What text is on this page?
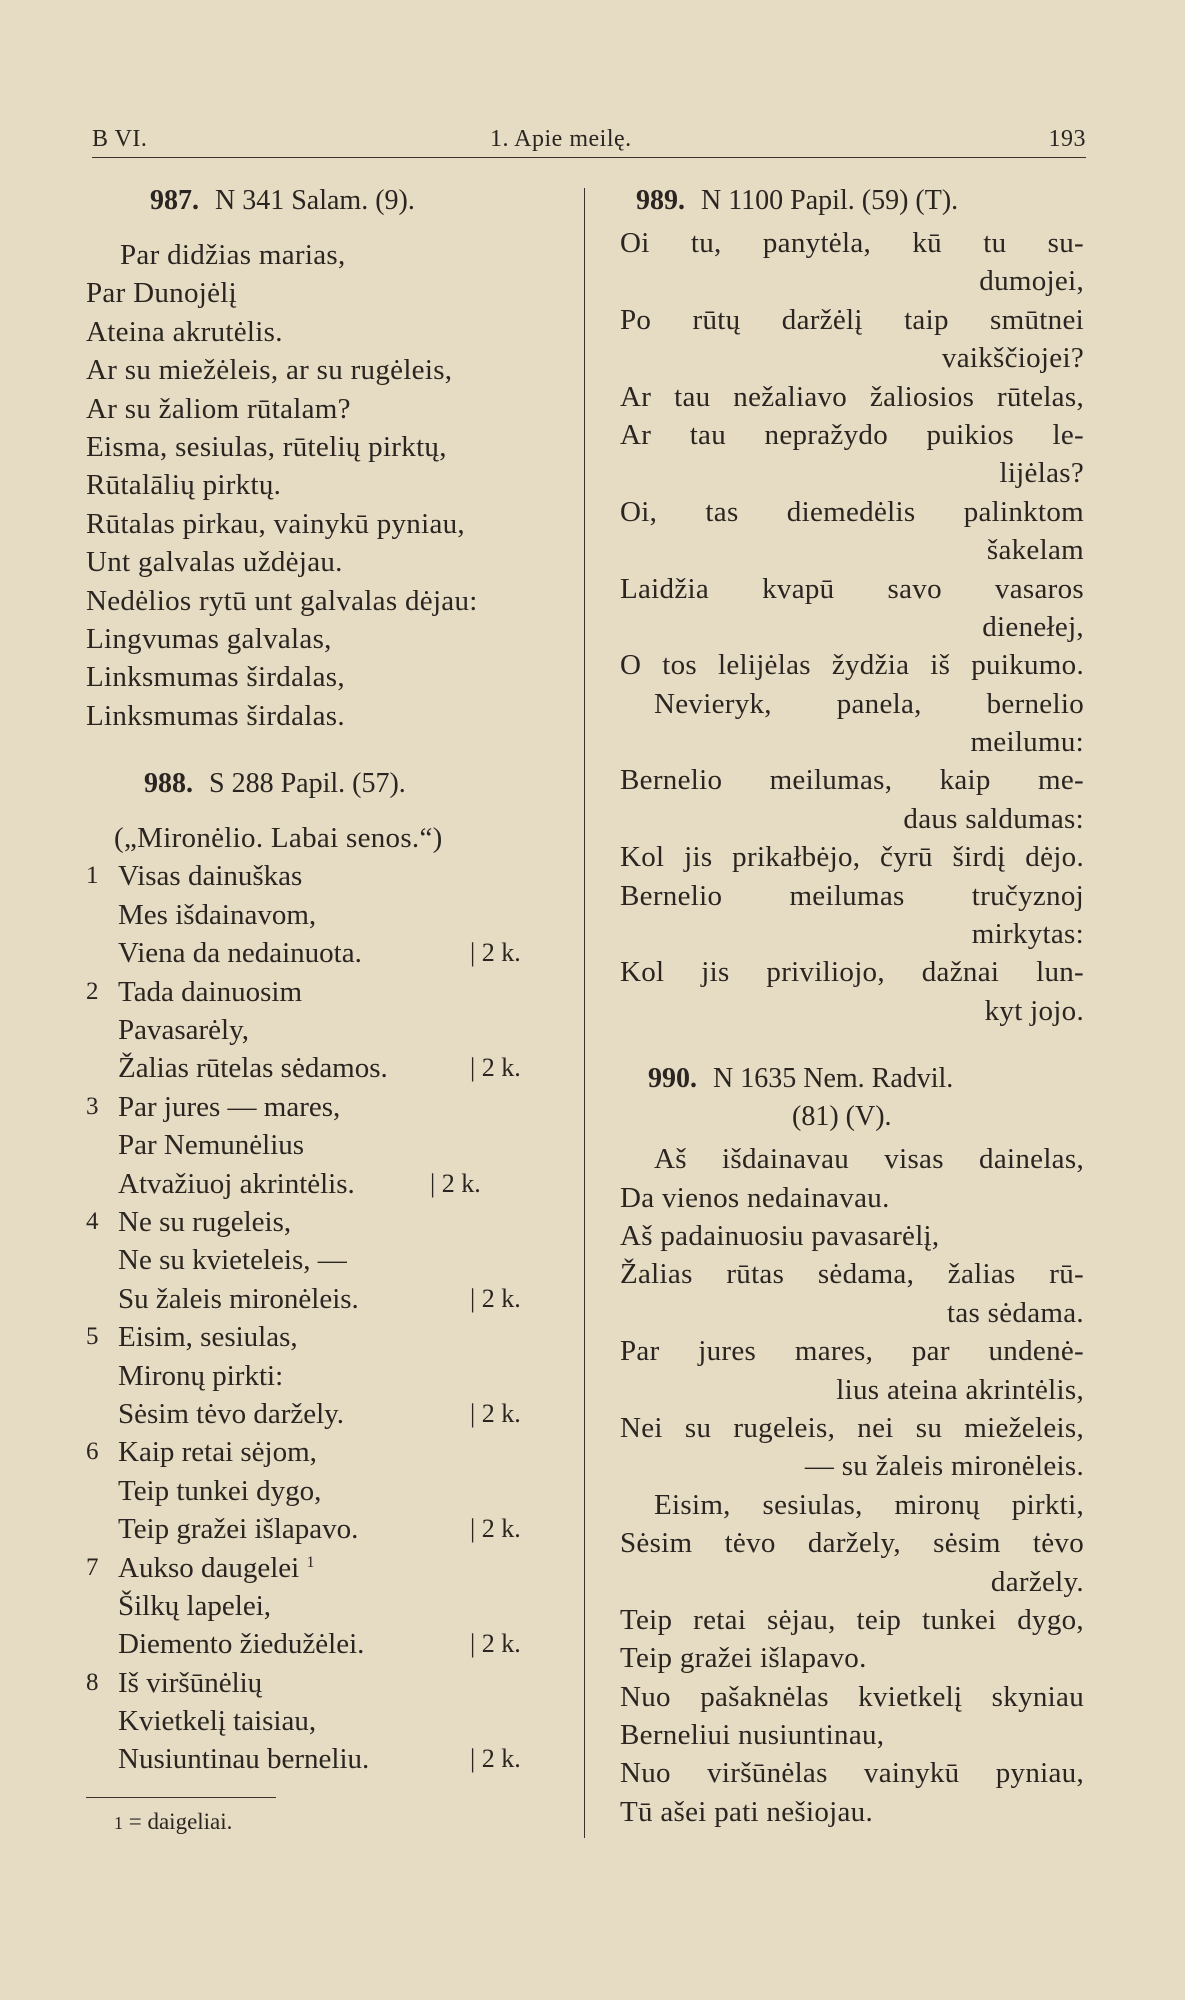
B VI.	1. Apie meilę.	193
987. N 341 Salam. (9).
Par didžias marias,
Par Dunojėlį
Ateina akrutėlis.
Ar su miežėleis, ar su rugėleis,
Ar su žaliom rūtalam?
Eisma, sesiulas, rūtelių pirktų,
Rūtalālių pirktų.
Rūtalas pirkau, vainykū pyniau,
Unt galvalas uždėjau.
Nedėlios rytū unt galvalas dėjau:
Lingvumas galvalas,
Linksmumas širdalas,
Linksmumas širdalas.
988. S 288 Papil. (57).
(„Mironėlio. Labai senos.“)
1 Visas dainuškas
Mes išdainavom,
Viena da nedainuota.	| 2 k.
2 Tada dainuosim
Pavasarėly,
Žalias rūtelas sėdamos.	| 2 k.
3 Par jures — mares,
Par Nemunėlius
Atvažiuoj akrintėlis.	| 2 k.
4 Ne su rugeleis,
Ne su kvieteleis, —
Su žaleis mironėleis.	| 2 k.
5 Eisim, sesiulas,
Mironų pirkti:
Sėsim tėvo daržely.	| 2 k.
6 Kaip retai sėjom,
Teip tunkei dygo,
Teip gražei išlapavo.	| 2 k.
7 Aukso daugelei $^1$
Šilkų lapelei,
Diemento žiedužėlei.	| 2 k.
8 Iš viršūnėlių
Kvietkelį taisiau,
Nusiuntinau berneliu.	| 2 k.
1 = daigeliai.
989. N 1100 Papil. (59) (T).
Oi tu, panytėla, kū tu su-
dumojei,
Po rūtų daržėlį taip smūtnei
vaikščiojei?
Ar tau nežaliavo žaliosios rūtelas,
Ar tau nepražydo puikios le-
lijėlas?
Oi, tas diemedėlis palinktom
šakelam
Laidžia kvapū savo vasaros
dienełej,
O tos lelijėlas žydžia iš puikumo.
Nevieryk, panela, bernelio
meilumu:
Bernelio meilumas, kaip me-
daus saldumas:
Kol jis prikałbėjo, čyrū širdį dėjo.
Bernelio meilumas tručyznoj
mirkytas:
Kol jis priviliojo, dažnai lun-
kyt jojo.
990. N 1635 Nem. Radvil.
(81) (V).
Aš išdainavau visas dainelas,
Da vienos nedainavau.
Aš padainuosiu pavasarėlį,
Žalias rūtas sėdama, žalias rū-
tas sėdama.
Par jures mares, par undenė-
lius ateina akrintėlis,
Nei su rugeleis, nei su mieželeis,
— su žaleis mironėleis.
Eisim, sesiulas, mironų pirkti,
Sėsim tėvo daržely, sėsim tėvo
daržely.
Teip retai sėjau, teip tunkei dygo,
Teip gražei išlapavo.
Nuo pašaknėlas kvietkelį skyniau
Berneliui nusiuntinau,
Nuo viršūnėlas vainykū pyniau,
Tū ašei pati nešiojau.
